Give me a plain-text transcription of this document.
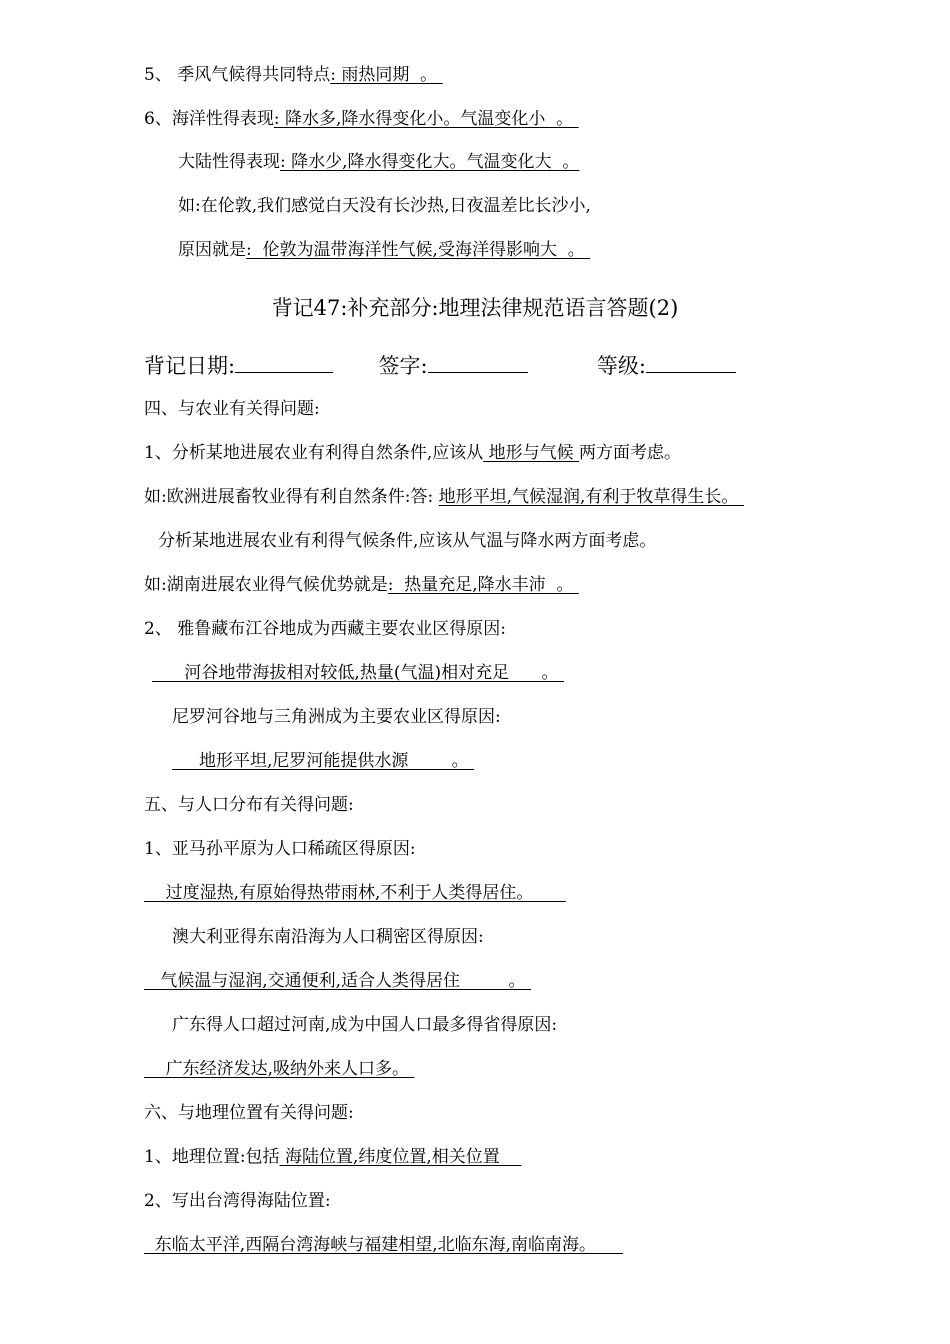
5、 季风气候得共同特点: 雨热同期  。
6、海洋性得表现: 降水多,降水得变化小。气温变化小  。
大陆性得表现: 降水少,降水得变化大。气温变化大  。
如:在伦敦,我们感觉白天没有长沙热,日夜温差比长沙小,
原因就是:  伦敦为温带海洋性气候,受海洋得影响大  。
背记47:补充部分:地理法律规范语言答题(2)
背记日期:	签字:	等级:
四、与农业有关得问题:
1、分析某地进展农业有利得自然条件,应该从 地形与气候 两方面考虑。
如:欧洲进展畜牧业得有利自然条件:答: 地形平坦,气候湿润,有利于牧草得生长。
分析某地进展农业有利得气候条件,应该从气温与降水两方面考虑。
如:湖南进展农业得气候优势就是:  热量充足,降水丰沛  。
2、 雅鲁藏布江谷地成为西藏主要农业区得原因:
河谷地带海拔相对较低,热量(气温)相对充足      。
尼罗河谷地与三角洲成为主要农业区得原因:
地形平坦,尼罗河能提供水源        。
五、与人口分布有关得问题:
1、亚马孙平原为人口稀疏区得原因:
过度湿热,有原始得热带雨林,不利于人类得居住。
澳大利亚得东南沿海为人口稠密区得原因:
气候温与湿润,交通便利,适合人类得居住         。
广东得人口超过河南,成为中国人口最多得省得原因:
广东经济发达,吸纳外来人口多。
六、与地理位置有关得问题:
1、地理位置:包括 海陆位置,纬度位置,相关位置
2、写出台湾得海陆位置:
东临太平洋,西隔台湾海峡与福建相望,北临东海,南临南海。
